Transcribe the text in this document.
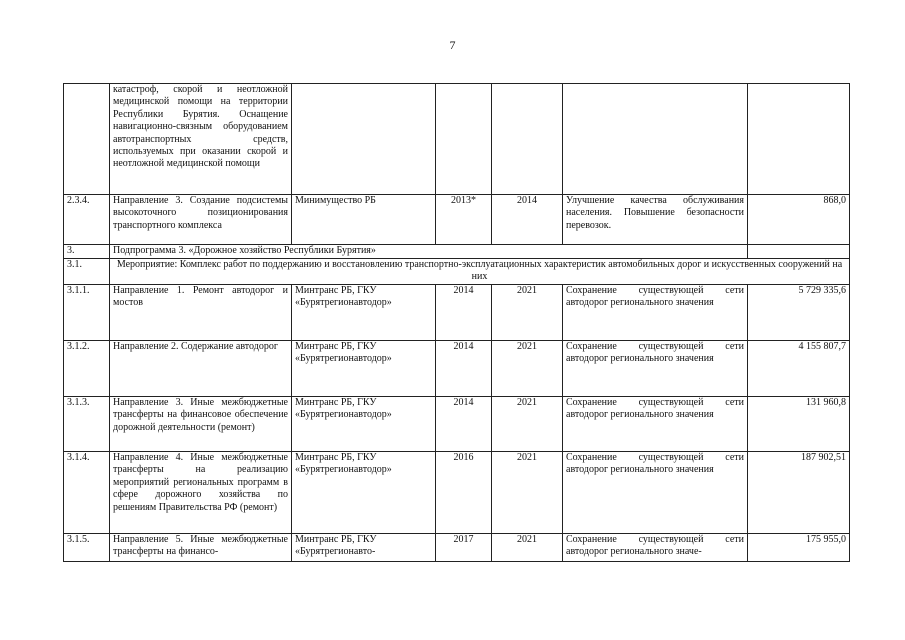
7
	катастроф, скорой и неотложной медицинской помощи на территории Республики Бурятия. Оснащение навигационно-связным оборудованием автотранспортных средств, используемых при оказании скорой и неотложной медицинской помощи					
2.3.4.	Направление 3. Создание подсистемы высокоточного позиционирования транспортного комплекса	Минимущество РБ	2013*	2014	Улучшение качества обслуживания населения. Повышение безопасности перевозок.	868,0
3.	Подпрограмма 3. «Дорожное хозяйство Республики Бурятия»					
3.1.	Мероприятие: Комплекс работ по поддержанию и восстановлению транспортно-эксплуатационных характеристик автомобильных дорог и искусственных сооружений на них					
3.1.1.	Направление 1. Ремонт автодорог и мостов	Минтранс РБ, ГКУ «Бурятрегионавтодор»	2014	2021	Сохранение существующей сети автодорог регионального значения	5 729 335,6
3.1.2.	Направление 2. Содержание автодорог	Минтранс РБ, ГКУ «Бурятрегионавтодор»	2014	2021	Сохранение существующей сети автодорог регионального значения	4 155 807,7
3.1.3.	Направление 3. Иные межбюджетные трансферты на финансовое обеспечение дорожной деятельности (ремонт)	Минтранс РБ, ГКУ «Бурятрегионавтодор»	2014	2021	Сохранение существующей сети автодорог регионального значения	131 960,8
3.1.4.	Направление 4. Иные межбюджетные трансферты на реализацию мероприятий региональных программ в сфере дорожного хозяйства по решениям Правительства РФ (ремонт)	Минтранс РБ, ГКУ «Бурятрегионавтодор»	2016	2021	Сохранение существующей сети автодорог регионального значения	187 902,51
3.1.5.	Направление 5. Иные межбюджетные трансферты на финансо-	Минтранс РБ, ГКУ «Бурятрегионавто-	2017	2021	Сохранение существующей сети автодорог регионального значе-	175 955,0
